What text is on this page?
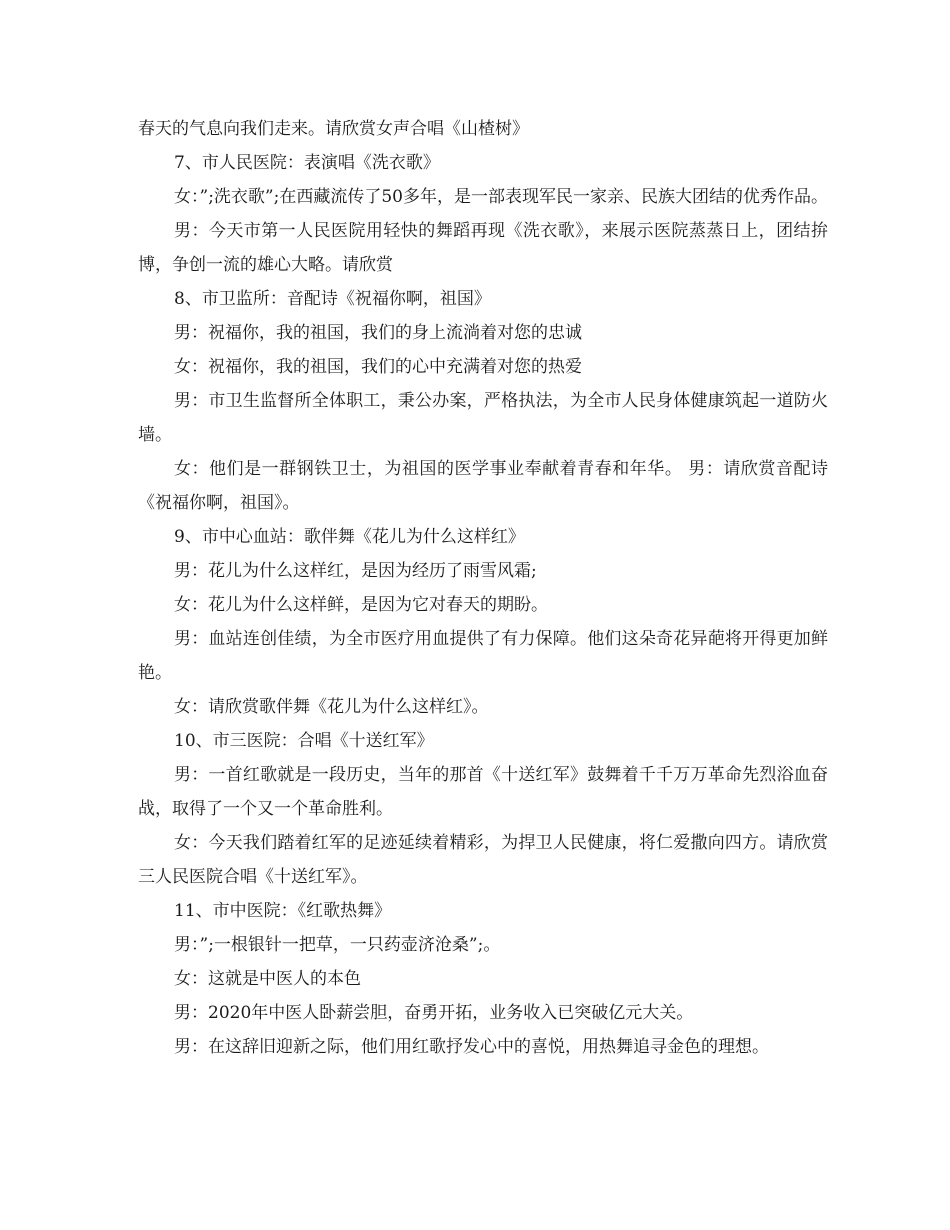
春天的气息向我们走来。请欣赏女声合唱《山楂树》

7、市人民医院：表演唱《洗衣歌》

女：”;洗衣歌”;在西藏流传了50多年，是一部表现军民一家亲、民族大团结的优秀作品。

男：今天市第一人民医院用轻快的舞蹈再现《洗衣歌》，来展示医院蒸蒸日上，团结拚博，争创一流的雄心大略。请欣赏

8、市卫监所：音配诗《祝福你啊，祖国》

男：祝福你，我的祖国，我们的身上流淌着对您的忠诚

女：祝福你，我的祖国，我们的心中充满着对您的热爱

男：市卫生监督所全体职工，秉公办案，严格执法，为全市人民身体健康筑起一道防火墙。

女：他们是一群钢铁卫士，为祖国的医学事业奉献着青春和年华。 男：请欣赏音配诗《祝福你啊，祖国》。

9、市中心血站：歌伴舞《花儿为什么这样红》

男：花儿为什么这样红，是因为经历了雨雪风霜;

女：花儿为什么这样鲜，是因为它对春天的期盼。

男：血站连创佳绩，为全市医疗用血提供了有力保障。他们这朵奇花异葩将开得更加鲜艳。

女：请欣赏歌伴舞《花儿为什么这样红》。

10、市三医院：合唱《十送红军》

男：一首红歌就是一段历史，当年的那首《十送红军》鼓舞着千千万万革命先烈浴血奋战，取得了一个又一个革命胜利。

女：今天我们踏着红军的足迹延续着精彩，为捍卫人民健康，将仁爱撒向四方。请欣赏三人民医院合唱《十送红军》。

11、市中医院：《红歌热舞》

男：”;一根银针一把草，一只药壶济沧桑”;。

女：这就是中医人的本色

男：2020年中医人卧薪尝胆，奋勇开拓，业务收入已突破亿元大关。

男：在这辞旧迎新之际，他们用红歌抒发心中的喜悦，用热舞追寻金色的理想。
